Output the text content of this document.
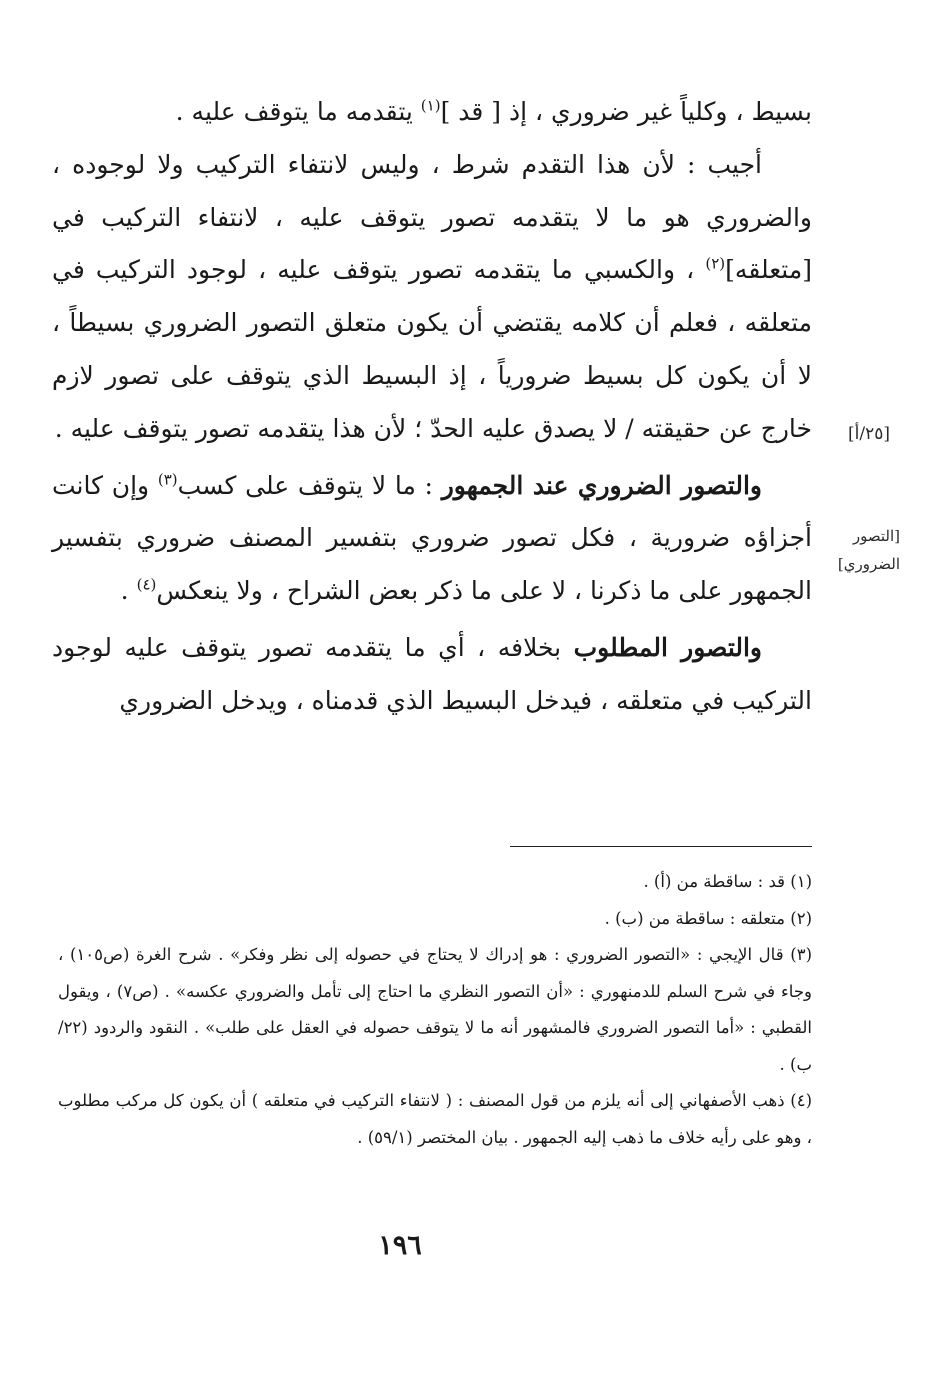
بسيط ، وكلياً غير ضروري ، إذ [ قد ]$^{(١)}$ يتقدمه ما يتوقف عليه .

أجيب : لأن هذا التقدم شرط ، وليس لانتفاء التركيب ولا لوجوده ، والضروري هو ما لا يتقدمه تصور يتوقف عليه ، لانتفاء التركيب في [متعلقه]$^{(٢)}$ ، والكسبي ما يتقدمه تصور يتوقف عليه ، لوجود التركيب في متعلقه ، فعلم أن كلامه يقتضي أن يكون متعلق التصور الضروري بسيطاً ، لا أن يكون كل بسيط ضرورياً ، إذ البسيط الذي يتوقف على تصور لازم خارج عن حقيقته / لا يصدق عليه الحدّ ؛ لأن هذا يتقدمه تصور يتوقف عليه .

والتصور الضروري عند الجمهور : ما لا يتوقف على كسب$^{(٣)}$ وإن كانت أجزاؤه ضرورية ، فكل تصور ضروري بتفسير المصنف ضروري بتفسير الجمهور على ما ذكرنا ، لا على ما ذكر بعض الشراح ، ولا ينعكس$^{(٤)}$ .

والتصور المطلوب بخلافه ، أي ما يتقدمه تصور يتوقف عليه لوجود التركيب في متعلقه ، فيدخل البسيط الذي قدمناه ، ويدخل الضروري

[٢٥/أ]
[التصور الضروري]

(١) قد : ساقطة من (أ) .

(٢) متعلقه : ساقطة من (ب) .

(٣) قال الإيجي : «التصور الضروري : هو إدراك لا يحتاج في حصوله إلى نظر وفكر» . شرح الغرة (ص١٠٥) ، وجاء في شرح السلم للدمنهوري : «أن التصور النظري ما احتاج إلى تأمل والضروري عكسه» . (ص٧) ، ويقول القطبي : «أما التصور الضروري فالمشهور أنه ما لا يتوقف حصوله في العقل على طلب» . النقود والردود (٢٢/ب) .

(٤) ذهب الأصفهاني إلى أنه يلزم من قول المصنف : ( لانتفاء التركيب في متعلقه ) أن يكون كل مركب مطلوب ، وهو على رأيه خلاف ما ذهب إليه الجمهور . بيان المختصر (٥٩/١) .

١٩٦
